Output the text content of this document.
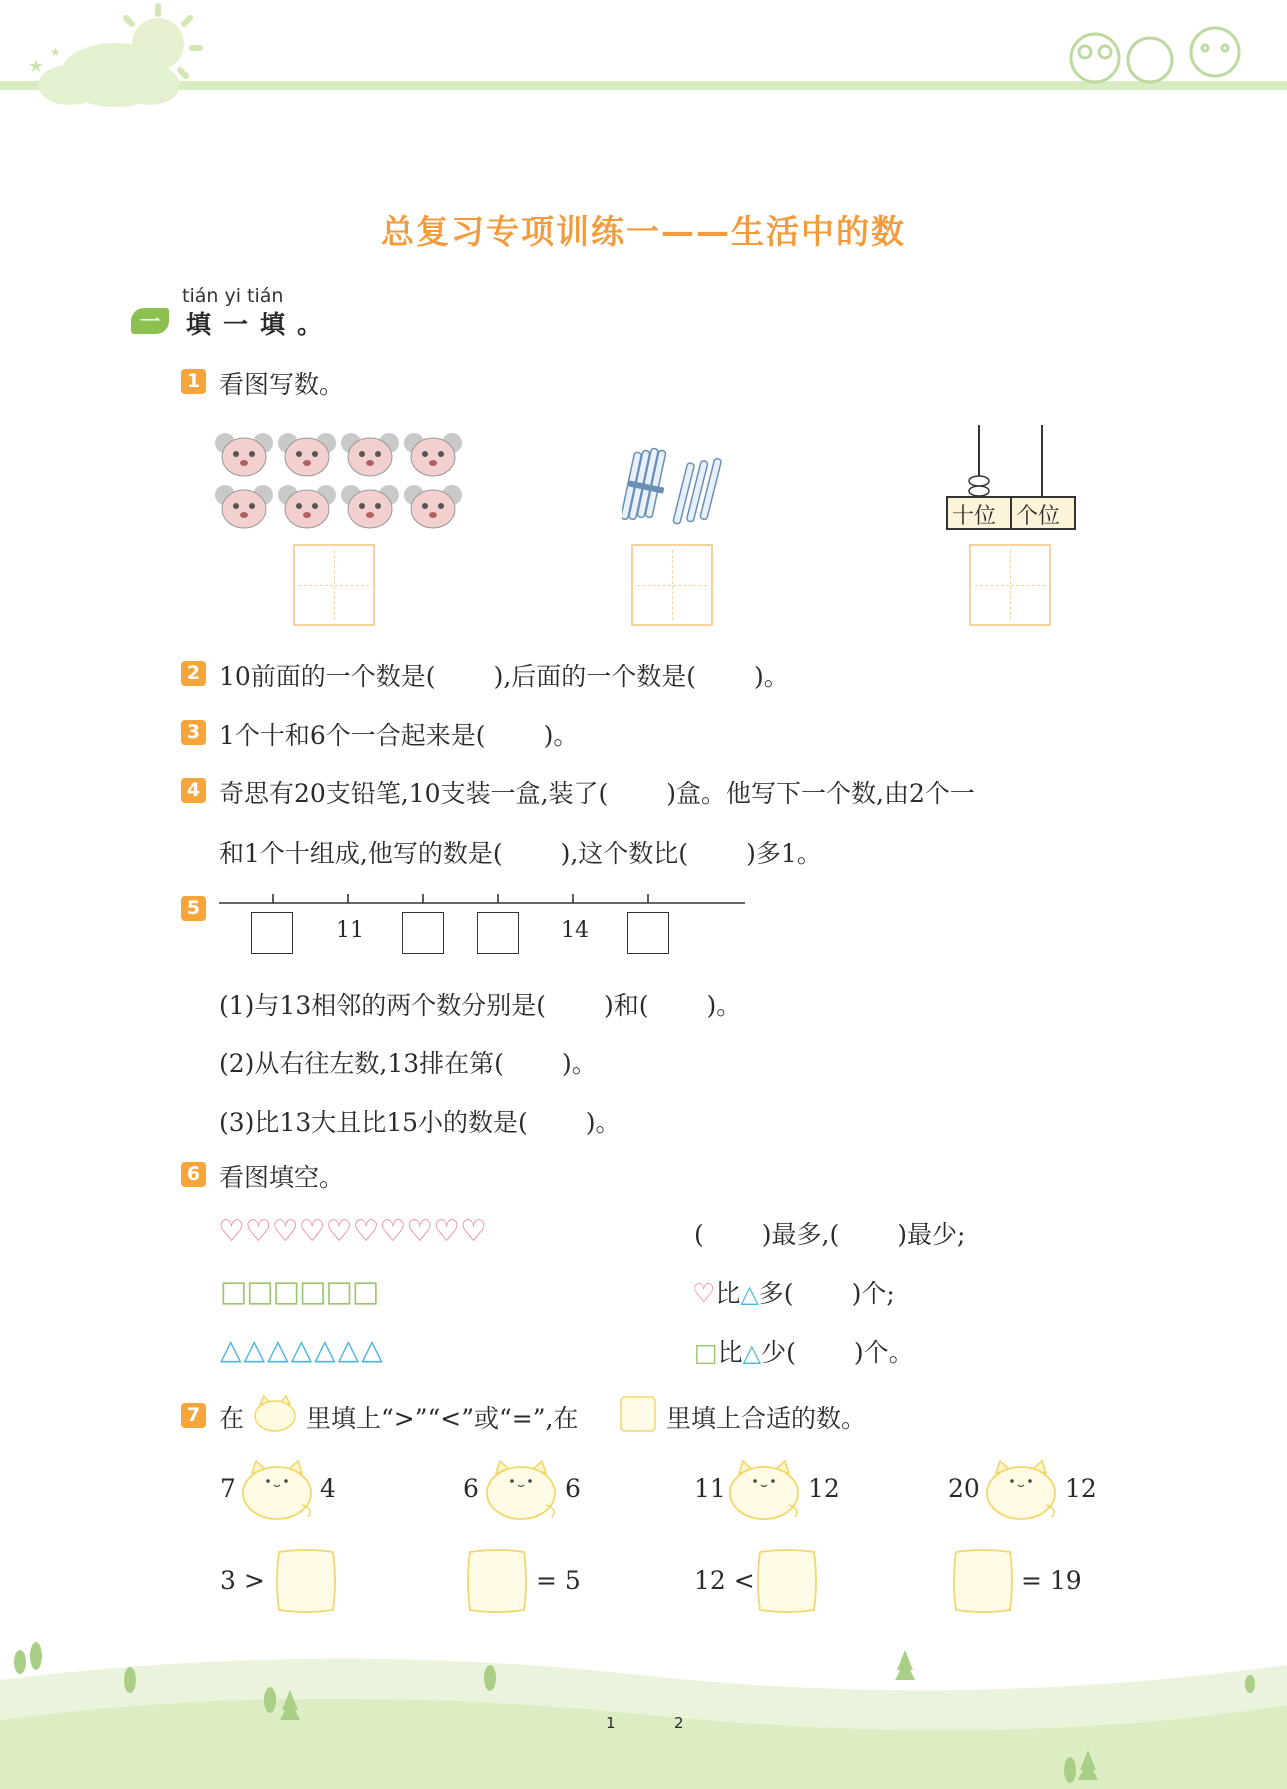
★
★
总复习专项训练一——生活中的数
tián yi tián
一	填一填。
1 看图写数。
十位 个位
2 10前面的一个数是( ),后面的一个数是( )。
3 1个十和6个一合起来是( )。
4 奇思有20支铅笔,10支装一盒,装了( )盒。他写下一个数,由2个一
和1个十组成,他写的数是( ),这个数比( )多1。
5
11	14
(1)与13相邻的两个数分别是( )和( )。
(2)从右往左数,13排在第( )。
(3)比13大且比15小的数是( )。
6 看图填空。
♡♡♡♡♡♡♡♡♡♡
□□□□□□
△△△△△△△
( )最多,( )最少;
♡比△多( )个;
□比△少( )个。
7 在 里填上“>”“<”或“=”,在	里填上合适的数。
7	4	6	6	11	12	20	12
3 >	= 5	12 <	= 19
1	2
